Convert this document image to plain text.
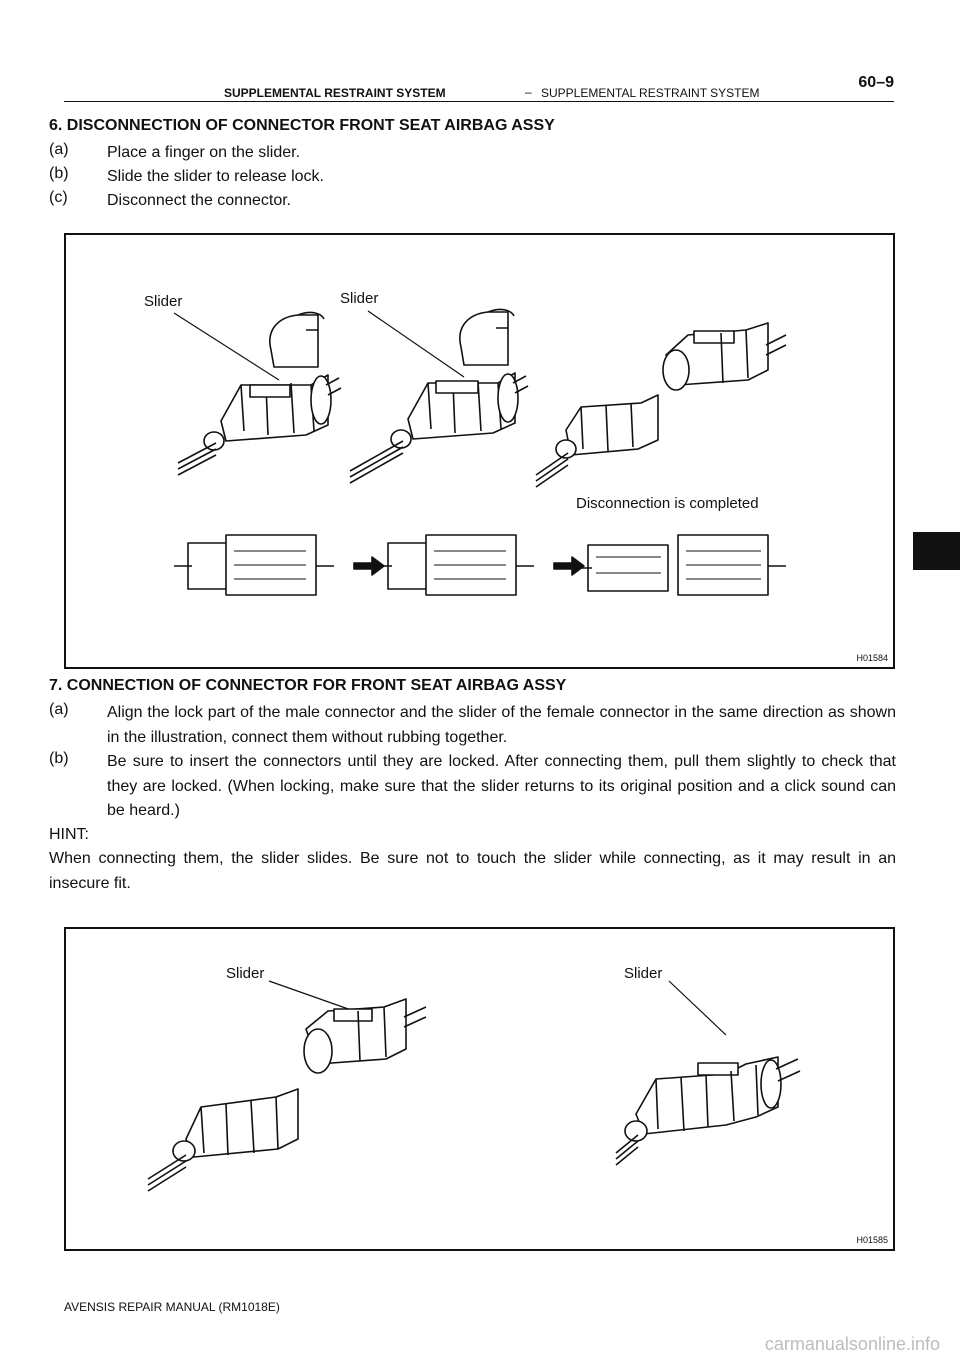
SUPPLEMENTAL RESTRAINT SYSTEM	– SUPPLEMENTAL RESTRAINT SYSTEM
60–9
6. DISCONNECTION OF CONNECTOR FRONT SEAT AIRBAG ASSY
(a) Place a finger on the slider.
(b) Slide the slider to release lock.
(c) Disconnect the connector.
Slider	Slider
Disconnection is completed
H01584
7. CONNECTION OF CONNECTOR FOR FRONT SEAT AIRBAG ASSY
(a) Align the lock part of the male connector and the slider of the female connector in the same direction as shown in the illustration, connect them without rubbing together.
(b) Be sure to insert the connectors until they are locked. After connecting them, pull them slightly to check that they are locked. (When locking, make sure that the slider returns to its original position and a click sound can be heard.)
HINT:
When connecting them, the slider slides. Be sure not to touch the slider while connecting, as it may result in an insecure fit.
Slider	Slider
H01585
AVENSIS REPAIR MANUAL (RM1018E)
carmanualsonline.info
